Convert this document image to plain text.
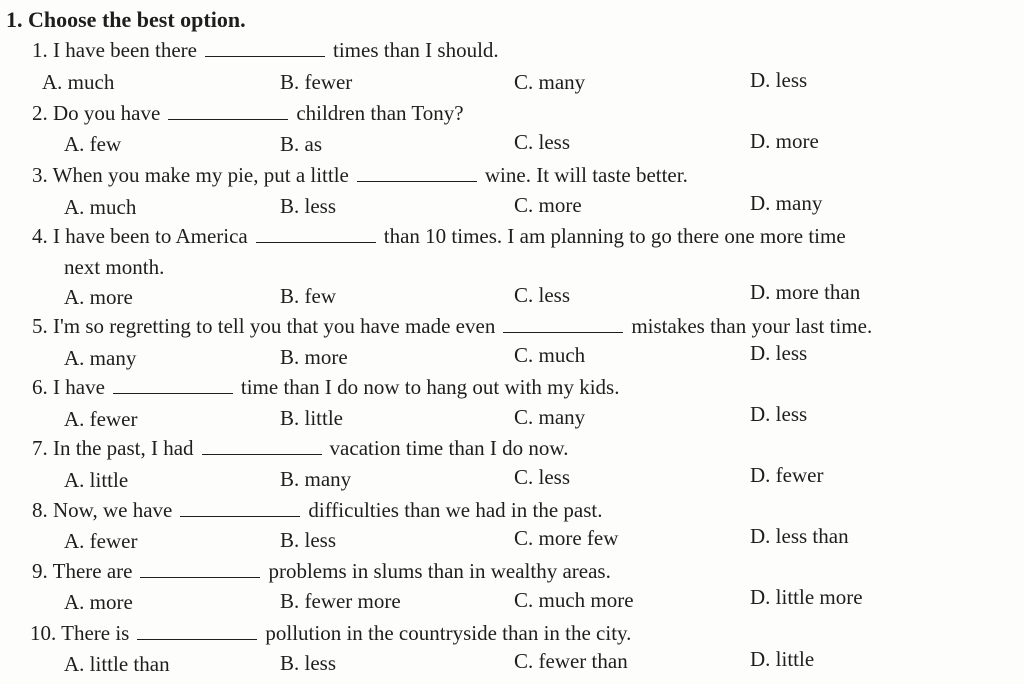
1. Choose the best option.
1. I have been there	times than I should.
A. much	B. fewer	C. many	D. less
2. Do you have	children than Tony?
A. few	B. as	C. less	D. more
3. When you make my pie, put a little	wine. It will taste better.
A. much	B. less	C. more	D. many
4. I have been to America	than 10 times. I am planning to go there one more time
next month.
A. more	B. few	C. less	D. more than
5. I'm so regretting to tell you that you have made even	mistakes than your last time.
A. many	B. more	C. much	D. less
6. I have	time than I do now to hang out with my kids.
A. fewer	B. little	C. many	D. less
7. In the past, I had	vacation time than I do now.
A. little	B. many	C. less	D. fewer
8. Now, we have	difficulties than we had in the past.
A. fewer	B. less	C. more few	D. less than
9. There are	problems in slums than in wealthy areas.
A. more	B. fewer more	C. much more	D. little more
10. There is	pollution in the countryside than in the city.
A. little than	B. less	C. fewer than	D. little
